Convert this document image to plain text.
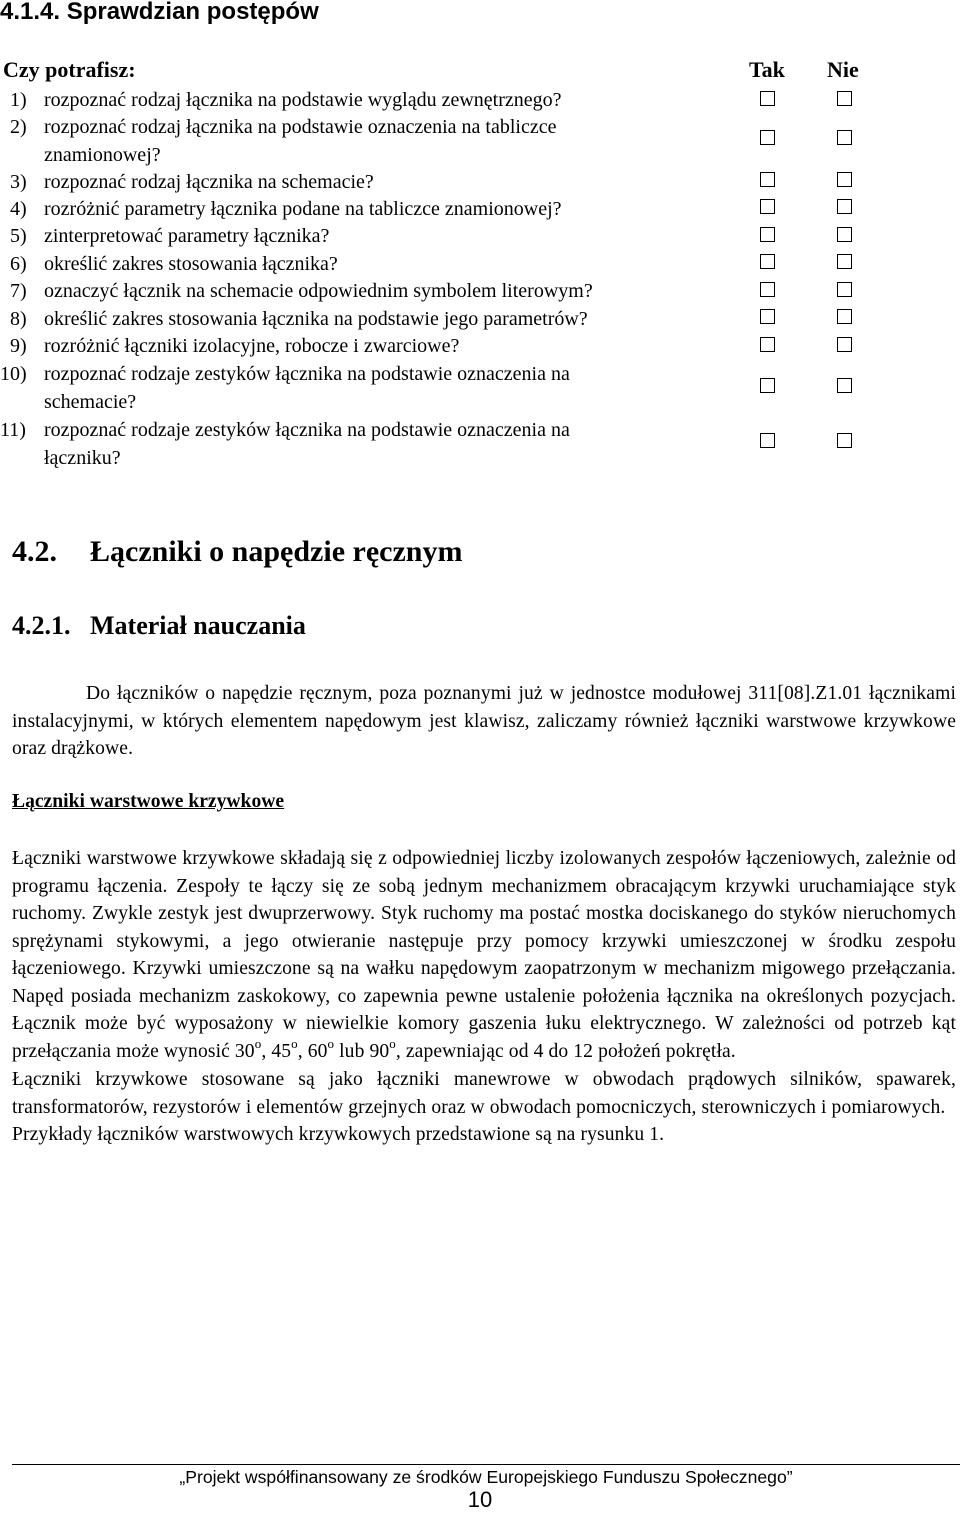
4.1.4. Sprawdzian postępów
Czy potrafisz:	Tak Nie
1) rozpoznać rodzaj łącznika na podstawie wyglądu zewnętrznego?
2) rozpoznać rodzaj łącznika na podstawie oznaczenia na tabliczce
znamionowej?
3) rozpoznać rodzaj łącznika na schemacie?
4) rozróżnić parametry łącznika podane na tabliczce znamionowej?
5) zinterpretować parametry łącznika?
6) określić zakres stosowania łącznika?
7) oznaczyć łącznik na schemacie odpowiednim symbolem literowym?
8) określić zakres stosowania łącznika na podstawie jego parametrów?
9) rozróżnić łączniki izolacyjne, robocze i zwarciowe?
10) rozpoznać rodzaje zestyków łącznika na podstawie oznaczenia na
schemacie?
11) rozpoznać rodzaje zestyków łącznika na podstawie oznaczenia na
łączniku?
4.2. Łączniki o napędzie ręcznym
4.2.1. Materiał nauczania

Do łączników o napędzie ręcznym, poza poznanymi już w jednostce modułowej 311[08].Z1.01 łącznikami instalacyjnymi, w których elementem napędowym jest klawisz, zaliczamy również łączniki warstwowe krzywkowe oraz drążkowe.

Łączniki warstwowe krzywkowe

Łączniki warstwowe krzywkowe składają się z odpowiedniej liczby izolowanych zespołów łączeniowych, zależnie od programu łączenia. Zespoły te łączy się ze sobą jednym mechanizmem obracającym krzywki uruchamiające styk ruchomy. Zwykle zestyk jest dwuprzerwowy. Styk ruchomy ma postać mostka dociskanego do styków nieruchomych sprężynami stykowymi, a jego otwieranie następuje przy pomocy krzywki umieszczonej w środku zespołu łączeniowego. Krzywki umieszczone są na wałku napędowym zaopatrzonym w mechanizm migowego przełączania. Napęd posiada mechanizm zaskokowy, co zapewnia pewne ustalenie położenia łącznika na określonych pozycjach. Łącznik może być wyposażony w niewielkie komory gaszenia łuku elektrycznego. W zależności od potrzeb kąt przełączania może wynosić 30$^o$, 45$^o$, 60$^o$ lub 90$^o$, zapewniając od 4 do 12 położeń pokrętła.

Łączniki krzywkowe stosowane są jako łączniki manewrowe w obwodach prądowych silników, spawarek, transformatorów, rezystorów i elementów grzejnych oraz w obwodach pomocniczych, sterowniczych i pomiarowych.

Przykłady łączników warstwowych krzywkowych przedstawione są na rysunku 1.

„Projekt współfinansowany ze środków Europejskiego Funduszu Społecznego”
10
